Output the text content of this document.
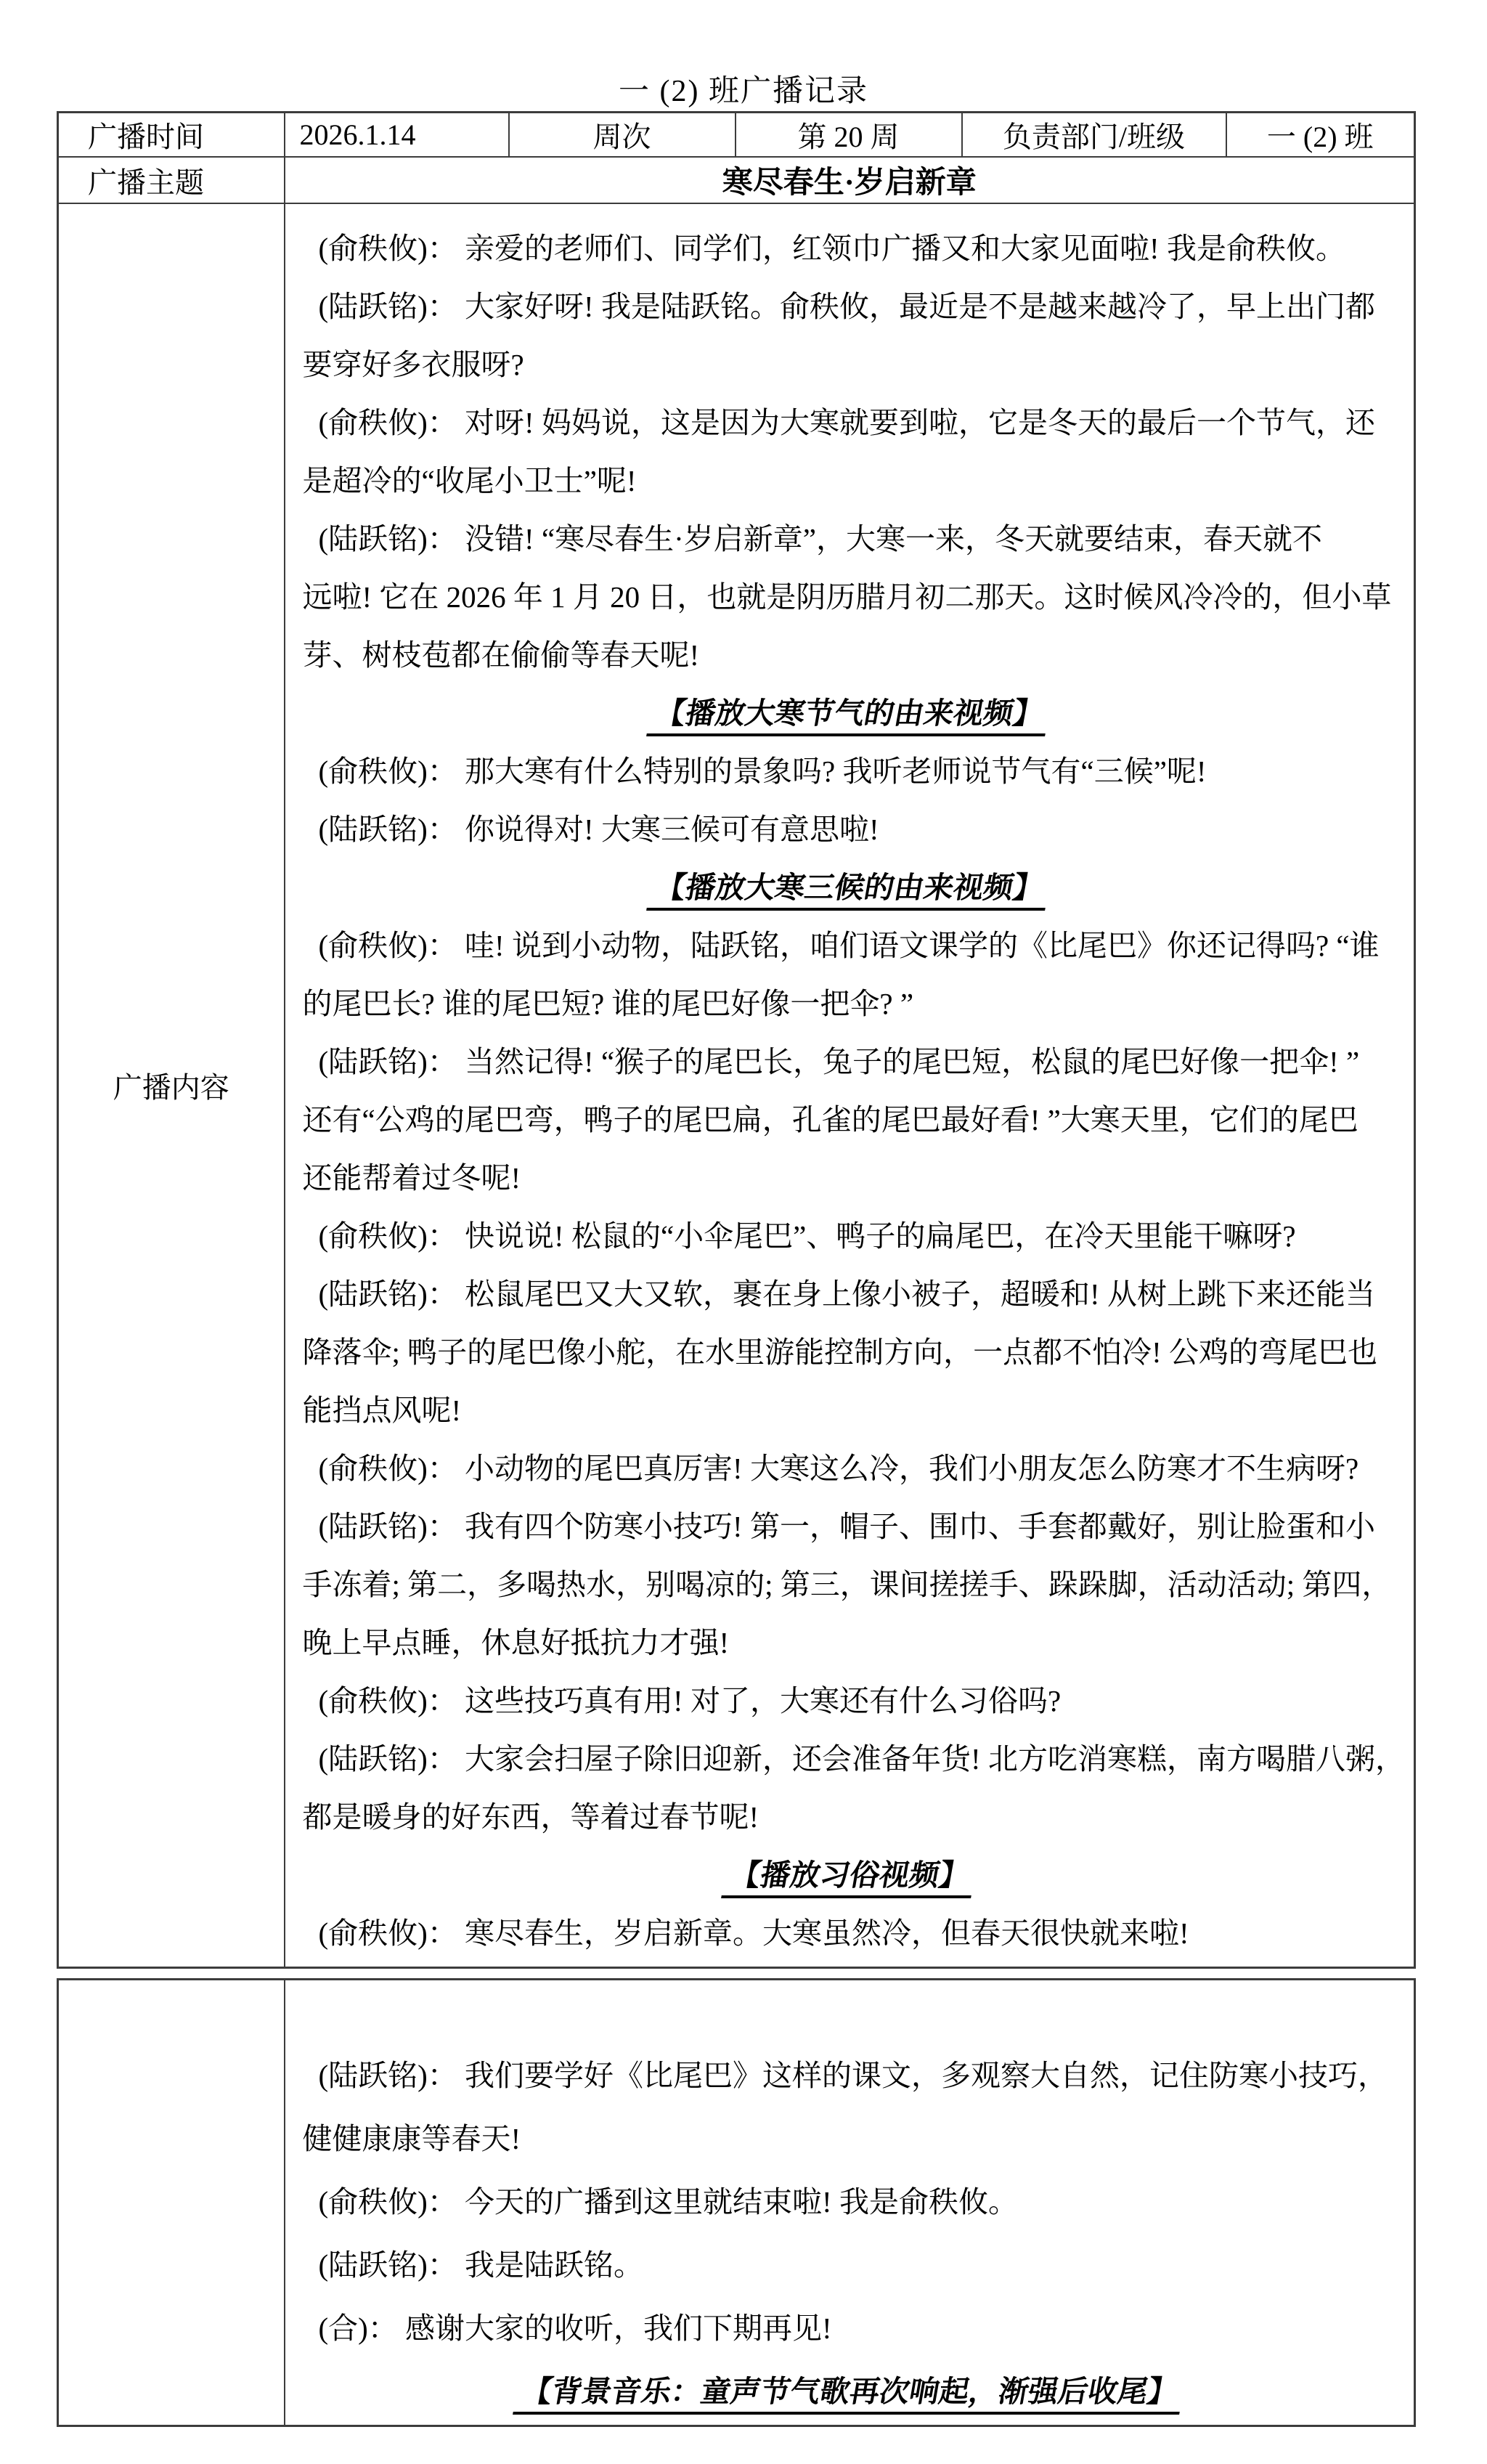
一 (2) 班广播记录
广播时间	2026.1.14	周次	第 20 周	负责部门/班级	一 (2) 班
广播主题	寒尽春生·岁启新章				
广播内容	
(俞秩攸)： 亲爱的老师们、同学们，红领巾广播又和大家见面啦! 我是俞秩攸。
(陆跃铭)： 大家好呀! 我是陆跃铭。俞秩攸，最近是不是越来越冷了，早上出门都
要穿好多衣服呀?
(俞秩攸)： 对呀! 妈妈说，这是因为大寒就要到啦，它是冬天的最后一个节气，还
是超冷的“收尾小卫士”呢!
(陆跃铭)： 没错! “寒尽春生·岁启新章”，大寒一来，冬天就要结束，春天就不
远啦! 它在 2026 年 1 月 20 日，也就是阴历腊月初二那天。这时候风冷冷的，但小草
芽、树枝苞都在偷偷等春天呢!
【播放大寒节气的由来视频】
(俞秩攸)： 那大寒有什么特别的景象吗? 我听老师说节气有“三候”呢!
(陆跃铭)： 你说得对! 大寒三候可有意思啦!
【播放大寒三候的由来视频】
(俞秩攸)： 哇! 说到小动物，陆跃铭，咱们语文课学的《比尾巴》你还记得吗? “谁
的尾巴长? 谁的尾巴短? 谁的尾巴好像一把伞? ”
(陆跃铭)： 当然记得! “猴子的尾巴长，兔子的尾巴短，松鼠的尾巴好像一把伞! ”
还有“公鸡的尾巴弯，鸭子的尾巴扁，孔雀的尾巴最好看! ”大寒天里，它们的尾巴
还能帮着过冬呢!
(俞秩攸)： 快说说! 松鼠的“小伞尾巴”、鸭子的扁尾巴，在冷天里能干嘛呀?
(陆跃铭)： 松鼠尾巴又大又软，裹在身上像小被子，超暖和! 从树上跳下来还能当
降落伞; 鸭子的尾巴像小舵，在水里游能控制方向，一点都不怕冷! 公鸡的弯尾巴也
能挡点风呢!
(俞秩攸)： 小动物的尾巴真厉害! 大寒这么冷，我们小朋友怎么防寒才不生病呀?
(陆跃铭)： 我有四个防寒小技巧! 第一，帽子、围巾、手套都戴好，别让脸蛋和小
手冻着; 第二，多喝热水，别喝凉的; 第三，课间搓搓手、跺跺脚，活动活动; 第四，
晚上早点睡，休息好抵抗力才强!
(俞秩攸)： 这些技巧真有用! 对了，大寒还有什么习俗吗?
(陆跃铭)： 大家会扫屋子除旧迎新，还会准备年货! 北方吃消寒糕，南方喝腊八粥，
都是暖身的好东西，等着过春节呢!
【播放习俗视频】
(俞秩攸)： 寒尽春生，岁启新章。大寒虽然冷，但春天很快就来啦!

(陆跃铭)： 我们要学好《比尾巴》这样的课文，多观察大自然，记住防寒小技巧，
健健康康等春天!
(俞秩攸)： 今天的广播到这里就结束啦! 我是俞秩攸。
(陆跃铭)： 我是陆跃铭。
(合)： 感谢大家的收听，我们下期再见!
【背景音乐：童声节气歌再次响起，渐强后收尾】
